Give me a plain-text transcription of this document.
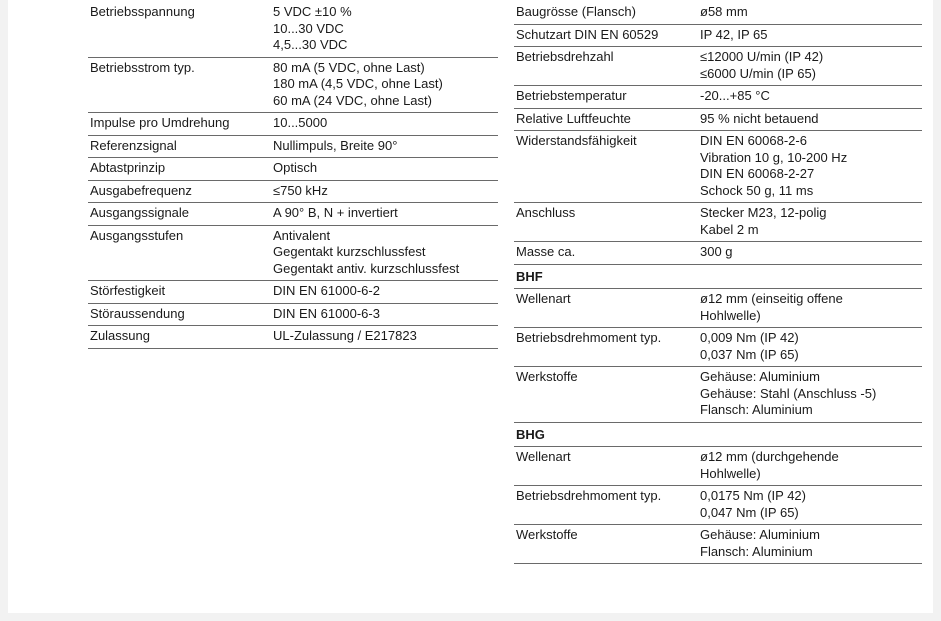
Betriebsspannung	5 VDC ±10 %
10...30 VDC
4,5...30 VDC

Betriebsstrom typ.	80 mA (5 VDC, ohne Last)
180 mA (4,5 VDC, ohne Last)
60 mA (24 VDC, ohne Last)

Impulse pro Umdrehung	10...5000

Referenzsignal	Nullimpuls, Breite 90°

Abtastprinzip	Optisch

Ausgabefrequenz	≤750 kHz

Ausgangssignale	A 90° B, N + invertiert

Ausgangsstufen	Antivalent
Gegentakt kurzschlussfest
Gegentakt antiv. kurzschlussfest

Störfestigkeit	DIN EN 61000-6-2

Störaussendung	DIN EN 61000-6-3

Zulassung	UL-Zulassung / E217823
Baugrösse (Flansch)	ø58 mm

Schutzart DIN EN 60529	IP 42, IP 65

Betriebsdrehzahl	≤12000 U/min (IP 42)
≤6000 U/min (IP 65)

Betriebstemperatur	-20...+85 °C

Relative Luftfeuchte	95 % nicht betauend

Widerstandsfähigkeit	DIN EN 60068-2-6
Vibration 10 g, 10-200 Hz
DIN EN 60068-2-27
Schock 50 g, 11 ms

Anschluss	Stecker M23, 12-polig
Kabel 2 m

Masse ca.	300 g

BHF	
Wellenart	ø12 mm (einseitig offene
Hohlwelle)

Betriebsdrehmoment typ.	0,009 Nm (IP 42)
0,037 Nm (IP 65)

Werkstoffe	Gehäuse: Aluminium
Gehäuse: Stahl (Anschluss -5)
Flansch: Aluminium

BHG	
Wellenart	ø12 mm (durchgehende
Hohlwelle)

Betriebsdrehmoment typ.	0,0175 Nm (IP 42)
0,047 Nm (IP 65)

Werkstoffe	Gehäuse: Aluminium
Flansch: Aluminium
